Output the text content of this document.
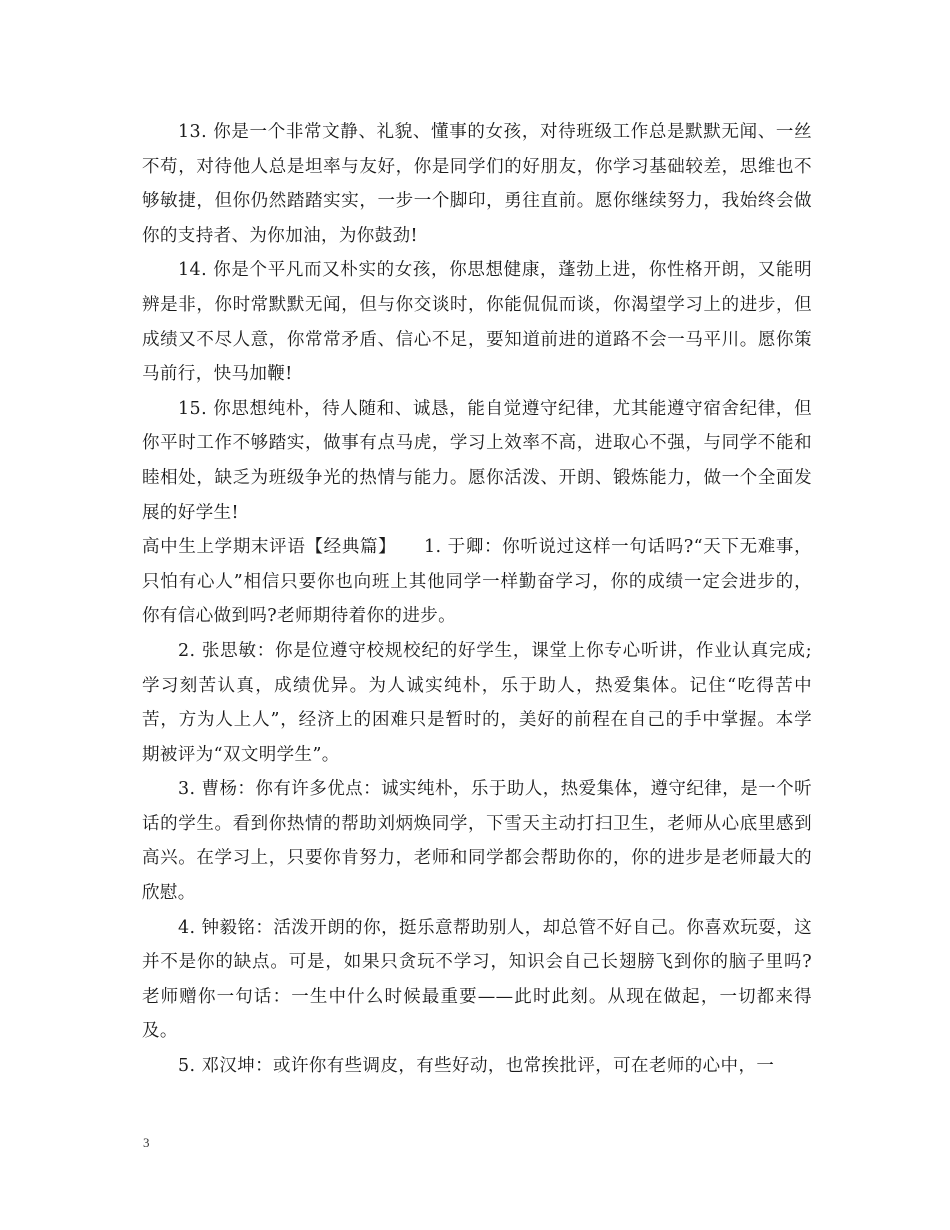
13. 你是一个非常文静、礼貌、懂事的女孩，对待班级工作总是默默无闻、一丝不苟，对待他人总是坦率与友好，你是同学们的好朋友，你学习基础较差，思维也不够敏捷，但你仍然踏踏实实，一步一个脚印，勇往直前。愿你继续努力，我始终会做你的支持者、为你加油，为你鼓劲!

14. 你是个平凡而又朴实的女孩，你思想健康，蓬勃上进，你性格开朗，又能明辨是非，你时常默默无闻，但与你交谈时，你能侃侃而谈，你渴望学习上的进步，但成绩又不尽人意，你常常矛盾、信心不足，要知道前进的道路不会一马平川。愿你策马前行，快马加鞭!

15. 你思想纯朴，待人随和、诚恳，能自觉遵守纪律，尤其能遵守宿舍纪律，但你平时工作不够踏实，做事有点马虎，学习上效率不高，进取心不强，与同学不能和睦相处，缺乏为班级争光的热情与能力。愿你活泼、开朗、锻炼能力，做一个全面发展的好学生!

高中生上学期末评语【经典篇】　　1. 于卿：你听说过这样一句话吗?“天下无难事，只怕有心人”相信只要你也向班上其他同学一样勤奋学习，你的成绩一定会进步的，你有信心做到吗?老师期待着你的进步。

2. 张思敏：你是位遵守校规校纪的好学生，课堂上你专心听讲，作业认真完成;学习刻苦认真，成绩优异。为人诚实纯朴，乐于助人，热爱集体。记住“吃得苦中苦，方为人上人”，经济上的困难只是暂时的，美好的前程在自己的手中掌握。本学期被评为“双文明学生”。

3. 曹杨：你有许多优点：诚实纯朴，乐于助人，热爱集体，遵守纪律，是一个听话的学生。看到你热情的帮助刘炳焕同学，下雪天主动打扫卫生，老师从心底里感到高兴。在学习上，只要你肯努力，老师和同学都会帮助你的，你的进步是老师最大的欣慰。

4. 钟毅铭：活泼开朗的你，挺乐意帮助别人，却总管不好自己。你喜欢玩耍，这并不是你的缺点。可是，如果只贪玩不学习，知识会自己长翅膀飞到你的脑子里吗?老师赠你一句话：一生中什么时候最重要——此时此刻。从现在做起，一切都来得及。

5. 邓汉坤：或许你有些调皮，有些好动，也常挨批评，可在老师的心中，一

3
